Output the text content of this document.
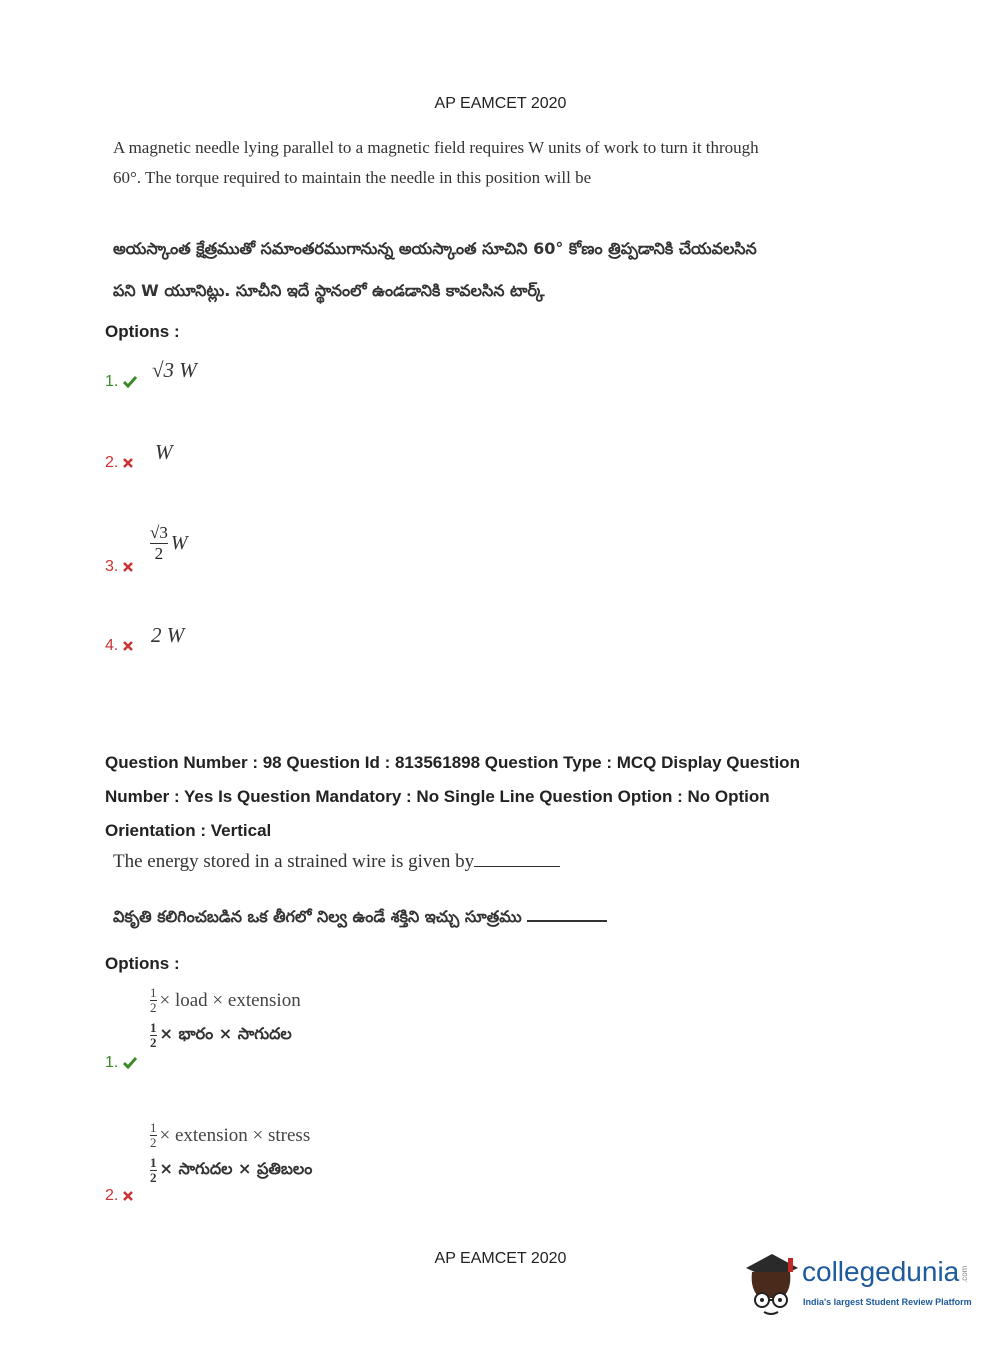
AP EAMCET 2020
A magnetic needle lying parallel to a magnetic field requires W units of work to turn it through
60°. The torque required to maintain the needle in this position will be
అయస్కాంత క్షేత్రముతో సమాంతరముగానున్న అయస్కాంత సూచిని 60° కోణం త్రిప్పడానికి చేయవలసిన
పని W యూనిట్లు. సూచీని ఇదే స్థానంలో ఉండడానికి కావలసిన టార్క్
Options :
1. √3 W
2. W
3.
$\frac{√3}{2}$ W
4. 2 W
Question Number : 98 Question Id : 813561898 Question Type : MCQ Display Question
Number : Yes Is Question Mandatory : No Single Line Question Option : No Option
Orientation : Vertical
The energy stored in a strained wire is given by
వికృతి కలిగించబడిన ఒక తీగలో నిల్వ ఉండే శక్తిని ఇచ్చు సూత్రము
Options :
$\frac{1}{2}$ × load × extension
$\frac{1}{2}$ × భారం × సాగుదల
1.
$\frac{1}{2}$ × extension × stress
$\frac{1}{2}$ × సాగుదల × ప్రతిబలం
2.
AP EAMCET 2020	collegedunia.com
India's largest Student Review Platform
